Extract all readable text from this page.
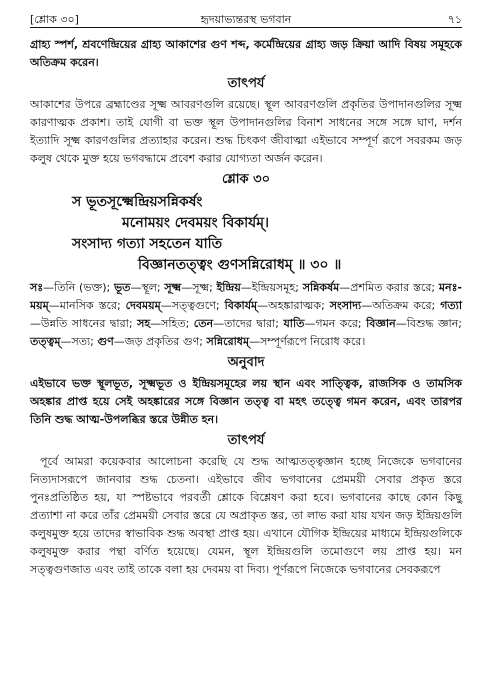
[শ্লোক ৩০]	হৃদয়াভ্যন্তরস্থ ভগবান	৭১

গ্রাহ্য স্পর্শ, শ্রবণেন্দ্রিয়ের গ্রাহ্য আকাশের গুণ শব্দ, কর্মেন্দ্রিয়ের গ্রাহ্য জড় ক্রিয়া আদি বিষয় সমূহকে অতিক্রম করেন।

তাৎপর্য

আকাশের উপরে ব্রহ্মাণ্ডের সূক্ষ্ম আবরণগুলি রয়েছে। স্থূল আবরণগুলি প্রকৃতির উপাদানগুলির সূক্ষ্ম কারণাত্মক প্রকাশ। তাই যোগী বা ভক্ত স্থূল উপাদানগুলির বিনাশ সাধনের সঙ্গে সঙ্গে ঘাণ, দর্শন ইত্যাদি সূক্ষ্ম কারণগুলির প্রত্যাহার করেন। শুদ্ধ চিৎকণ জীবাত্মা এইভাবে সম্পূর্ণ রূপে সবরকম জড় কলুষ থেকে মুক্ত হয়ে ভগবদ্ধামে প্রবেশ করার যোগ্যতা অর্জন করেন।

শ্লোক ৩০
স ভূতসূক্ষ্মেন্দ্রিয়সন্নিকর্ষং
মনোময়ং দেবময়ং বিকার্যম্।
সংসাদ্য গত্যা সহতেন যাতি
বিজ্ঞানতত্ত্বং গুণসন্নিরোধম্ ॥ ৩০ ॥

সঃ—তিনি (ভক্ত); ভূত—স্থূল; সূক্ষ্ম—সূক্ষ্ম; ইন্দ্রিয়—ইন্দ্রিয়সমূহ; সন্নিকর্ষম—প্রশমিত করার স্তরে; মনঃ-ময়ম্—মানসিক স্তরে; দেবময়ম্—সত্ত্বগুণে; বিকার্যম্—অহঙ্কারাত্মক; সংসাদ্য—অতিক্রম করে; গত্যা—উন্নতি সাধনের দ্বারা; সহ—সহিত; তেন—তাদের দ্বারা; যাতি—গমন করে; বিজ্ঞান—বিশুদ্ধ জ্ঞান; তত্ত্বম্—সত্য; গুণ—জড় প্রকৃতির গুণ; সন্নিরোধম্—সম্পূর্ণরূপে নিরোধ করে।

অনুবাদ

এইভাবে ভক্ত স্থূলভূত, সূক্ষ্মভূত ও ইন্দ্রিয়সমূহের লয় স্থান এবং সাত্ত্বিক, রাজসিক ও তামসিক অহঙ্কার প্রাপ্ত হয়ে সেই অহঙ্কারের সঙ্গে বিজ্ঞান তত্ত্ব বা মহৎ তত্ত্বে গমন করেন, এবং তারপর তিনি শুদ্ধ আত্ম-উপলব্ধির স্তরে উন্নীত হন।

তাৎপর্য

পূর্বে আমরা কয়েকবার আলোচনা করেছি যে শুদ্ধ আত্মতত্ত্বজ্ঞান হচ্ছে নিজেকে ভগবানের নিত্যদাসরূপে জানবার শুদ্ধ চেতনা। এইভাবে জীব ভগবানের প্রেমময়ী সেবার প্রকৃত স্তরে পুনঃপ্রতিষ্ঠিত হয়, যা স্পষ্টভাবে পরবর্তী শ্লোকে বিশ্লেষণ করা হবে। ভগবানের কাছে কোন কিছু প্রত্যাশা না করে তাঁর প্রেমময়ী সেবার স্তরে যে অপ্রাকৃত স্তর, তা লাভ করা যায় যখন জড় ইন্দ্রিয়গুলি কলুষমুক্ত হয়ে তাদের স্বাভাবিক শুদ্ধ অবস্থা প্রাপ্ত হয়। এখানে যৌগিক ইন্দ্রিয়ের মাধ্যমে ইন্দ্রিয়গুলিকে কলুষমুক্ত করার পন্থা বর্ণিত হয়েছে। যেমন, স্থূল ইন্দ্রিয়গুলি তমোগুণে লয় প্রাপ্ত হয়। মন সত্ত্বগুণজাত এবং তাই তাকে বলা হয় দেবময় বা দিব্য। পূর্ণরূপে নিজেকে ভগবানের সেবকরূপে
